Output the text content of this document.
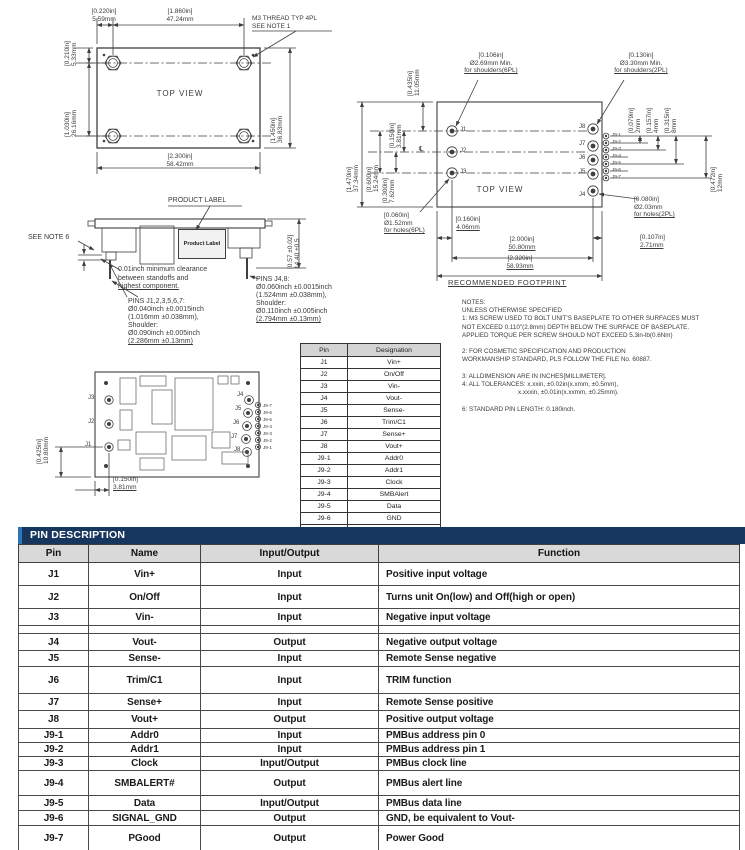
[0.220in]
5.59mm
[1.860in]
47.24mm	M3 THREAD TYP 4PL
SEE NOTE 1
[0.210in] 5.33mm
[1.030in] 26.16mm	[1.450in] 36.83mm
TOP VIEW
[2.300in]
58.42mm
[0.106in]
Ø2.69mm Min.
for shoulders(6PL)
[0.130in]
Ø3.30mm Min.
for shoulders(2PL)
[0.435in] 11.05mm
[1.470in] 37.34mm [0.600in] 15.24mm
[0.150in] 3.81mm
[0.300in] 7.62mm
℄
[0.079in] 2mm [0.157in] 4mm [0.315in] 8mm
[0.472in] 12mm
J1
J2
J3
J8
J7
J6
J5
J4
J9-1
J9-2
J9-3
J9-4
J9-5
J9-6
J9-7
[0.060in]
Ø1.52mm
for holes(6PL)
[0.160in]
4.06mm
[2.000in]
50.80mm
[2.320in]
58.93mm
[0.080in]
Ø2.03mm
for holes(2PL)
[0.107in]
2.71mm
TOP VIEW
RECOMMENDED FOOTPRINT
PRODUCT LABEL
Product Label
SEE NOTE 6	[0.57 ±0.02] 14.40 ±0.5
0.01inch minimum clearance
between standoffs and
highest component.
PINS J1,2,3,5,6,7:
Ø0.040inch ±0.0015inch
(1.016mm ±0.038mm),
Shoulder:
Ø0.090inch ±0.005inch
(2.286mm ±0.13mm)
PINS J4,8:
Ø0.060inch ±0.0015inch
(1.524mm ±0.038mm),
Shoulder:
Ø0.110inch ±0.005inch
(2.794mm ±0.13mm)
J3
J2
J1
J4
J5
J6
J7
J8
J9-7
J9-6
J9-5
J9-4
J9-3
J9-2
J9-1
[0.425in] 10.80mm
[0.150in]
3.81mm
Pin	Designation
J1	Vin+
J2	On/Off
J3	Vin-
J4	Vout-
J5	Sense-
J6	Trim/C1
J7	Sense+
J8	Vout+
J9-1	Addr0
J9-2	Addr1
J9-3	Clock
J9-4	SMBAlert
J9-5	Data
J9-6	GND

NOTES:
UNLESS OTHERWISE SPECIFIED
1: M3 SCREW USED TO BOLT UNIT'S BASEPLATE TO OTHER SURFACES MUST
NOT EXCEED 0.110"(2.8mm) DEPTH BELOW THE SURFACE OF BASEPLATE.
APPLIED TORQUE PER SCREW SHOULD NOT EXCEED 5.3in-lb(0.6Nm)
2: FOR COSMETIC SPECIFICATION AND PRODUCTION
WORKMANSHIP STANDARD, PLS FOLLOW THE FILE No. 60887.
3: ALLDIMENSION ARE IN INCHES[MILLIMETER].
4: ALL TOLERANCES: x.xxin, ±0.02in(x.xmm, ±0.5mm),
x.xxxin, ±0.01in(x.xxmm, ±0.25mm).
6: STANDARD PIN LENGTH: 0.180inch.
PIN DESCRIPTION
Pin	Name	Input/Output	Function
J1	Vin+	Input	Positive input voltage
J2	On/Off	Input	Turns unit On(low) and Off(high or open)
J3	Vin-	Input	Negative input voltage

J4	Vout-	Output	Negative output voltage
J5	Sense-	Input	Remote Sense negative
J6	Trim/C1	Input	TRIM function
J7	Sense+	Input	Remote Sense positive
J8	Vout+	Output	Positive output voltage
J9-1	Addr0	Input	PMBus address pin 0
J9-2	Addr1	Input	PMBus address pin 1
J9-3	Clock	Input/Output	PMBus clock line
J9-4	SMBALERT#	Output	PMBus alert line
J9-5	Data	Input/Output	PMBus data line
J9-6	SIGNAL_GND	Output	GND, be equivalent to Vout-
J9-7	PGood	Output	Power Good
